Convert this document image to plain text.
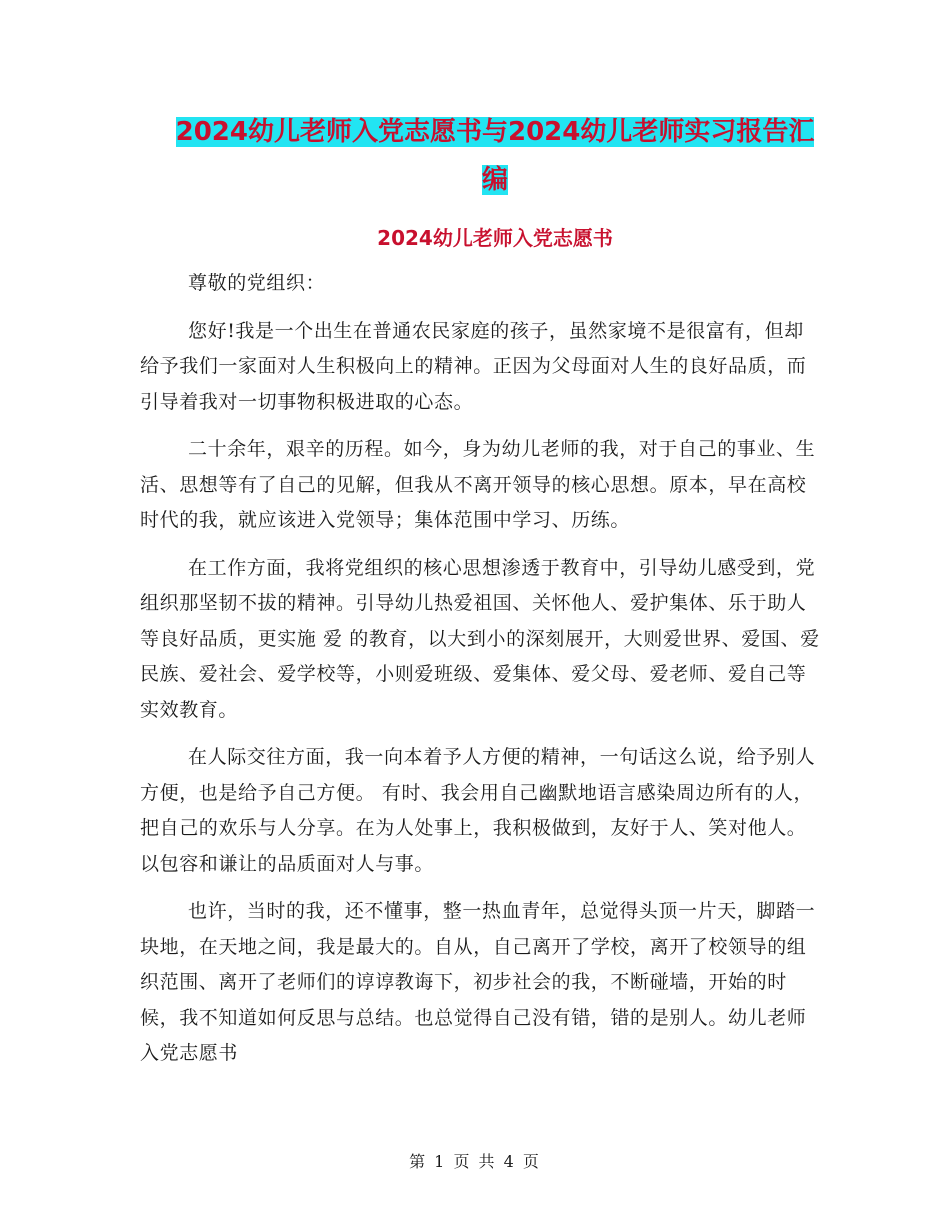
2024幼儿老师入党志愿书与2024幼儿老师实习报告汇
编
2024幼儿老师入党志愿书

尊敬的党组织：

您好!我是一个出生在普通农民家庭的孩子，虽然家境不是很富有，但却给予我们一家面对人生积极向上的精神。正因为父母面对人生的良好品质，而引导着我对一切事物积极进取的心态。

二十余年，艰辛的历程。如今，身为幼儿老师的我，对于自己的事业、生活、思想等有了自己的见解，但我从不离开领导的核心思想。原本，早在高校时代的我，就应该进入党领导；集体范围中学习、历练。

在工作方面，我将党组织的核心思想渗透于教育中，引导幼儿感受到，党组织那坚韧不拔的精神。引导幼儿热爱祖国、关怀他人、爱护集体、乐于助人等良好品质，更实施 爱 的教育，以大到小的深刻展开，大则爱世界、爱国、爱民族、爱社会、爱学校等，小则爱班级、爱集体、爱父母、爱老师、爱自己等实效教育。

在人际交往方面，我一向本着予人方便的精神，一句话这么说，给予别人方便，也是给予自己方便。 有时、我会用自己幽默地语言感染周边所有的人，把自己的欢乐与人分享。在为人处事上，我积极做到，友好于人、笑对他人。以包容和谦让的品质面对人与事。

也许，当时的我，还不懂事，整一热血青年，总觉得头顶一片天，脚踏一块地，在天地之间，我是最大的。自从，自己离开了学校，离开了校领导的组织范围、离开了老师们的谆谆教诲下，初步社会的我，不断碰墙，开始的时候，我不知道如何反思与总结。也总觉得自己没有错，错的是别人。幼儿老师入党志愿书

第 1 页 共 4 页
